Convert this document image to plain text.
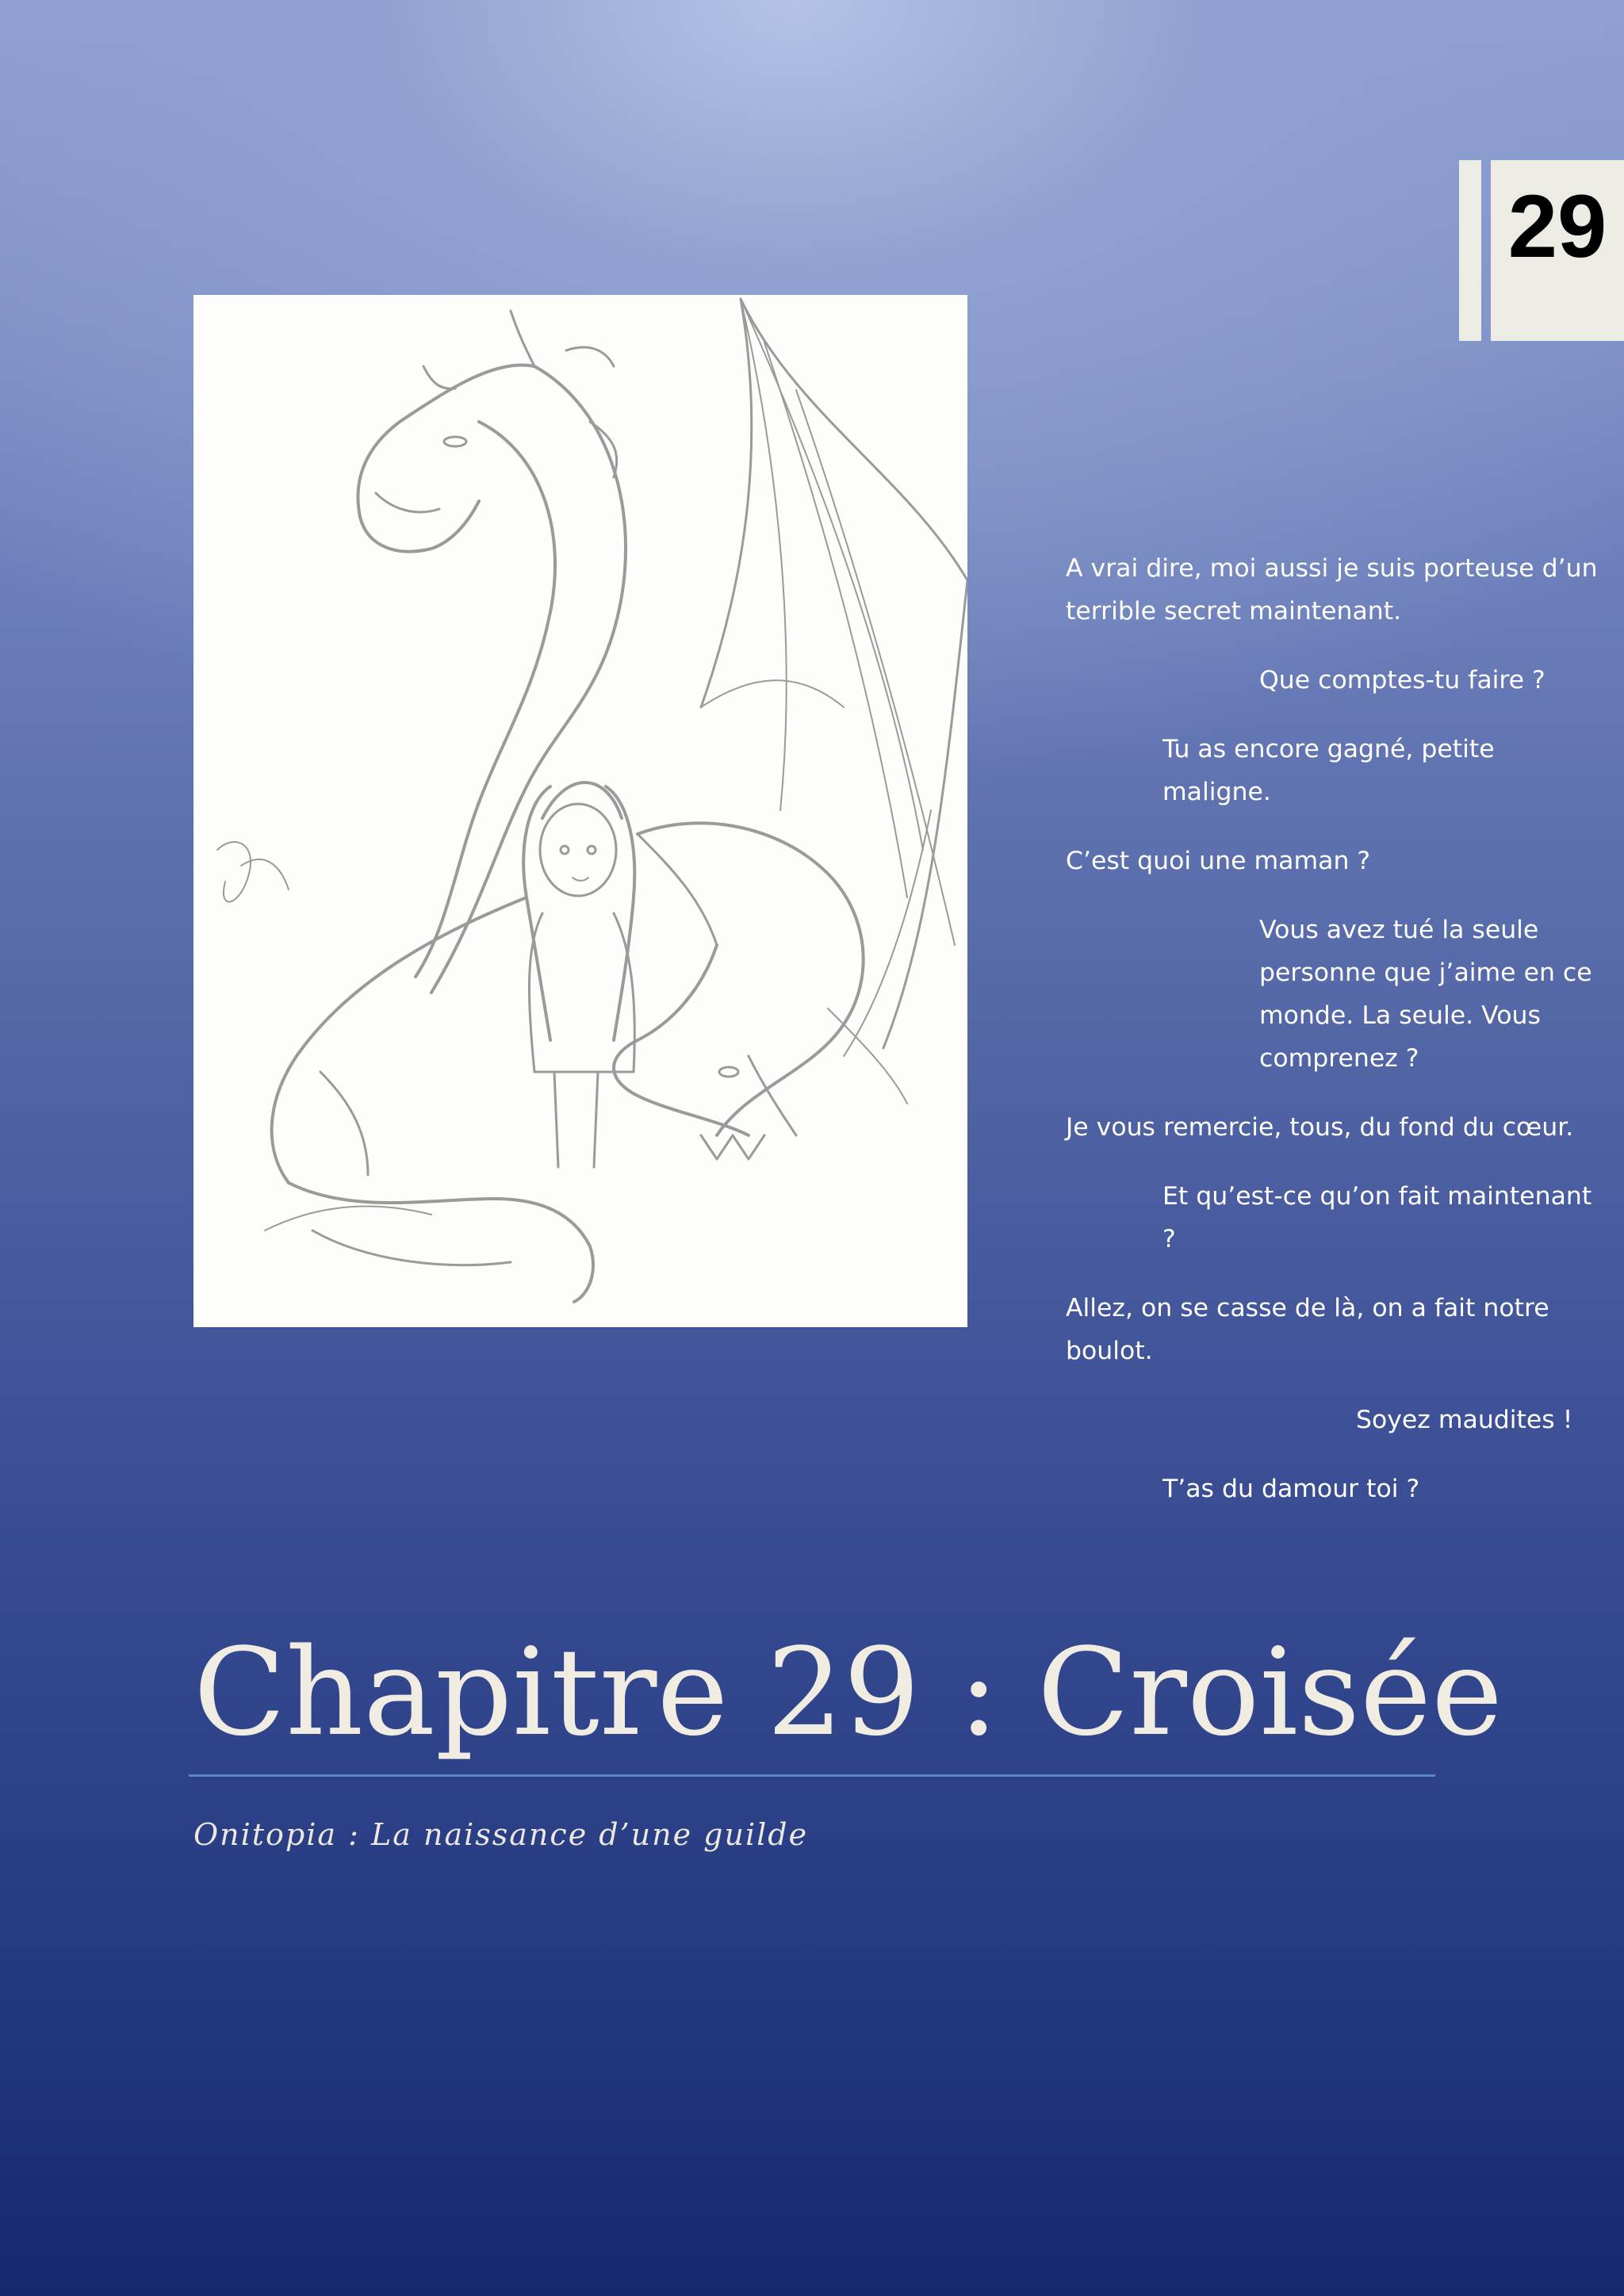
29

A vrai dire, moi aussi je suis porteuse d’un terrible secret maintenant.

Que comptes-tu faire ?

Tu as encore gagné, petite maligne.

C’est quoi une maman ?

Vous avez tué la seule personne que j’aime en ce monde. La seule. Vous comprenez ?

Je vous remercie, tous, du fond du cœur.

Et qu’est-ce qu’on fait maintenant ?

Allez, on se casse de là, on a fait notre boulot.

Soyez maudites !

T’as du damour toi ?

Chapitre 29 : Croisée
Onitopia : La naissance d’une guilde
